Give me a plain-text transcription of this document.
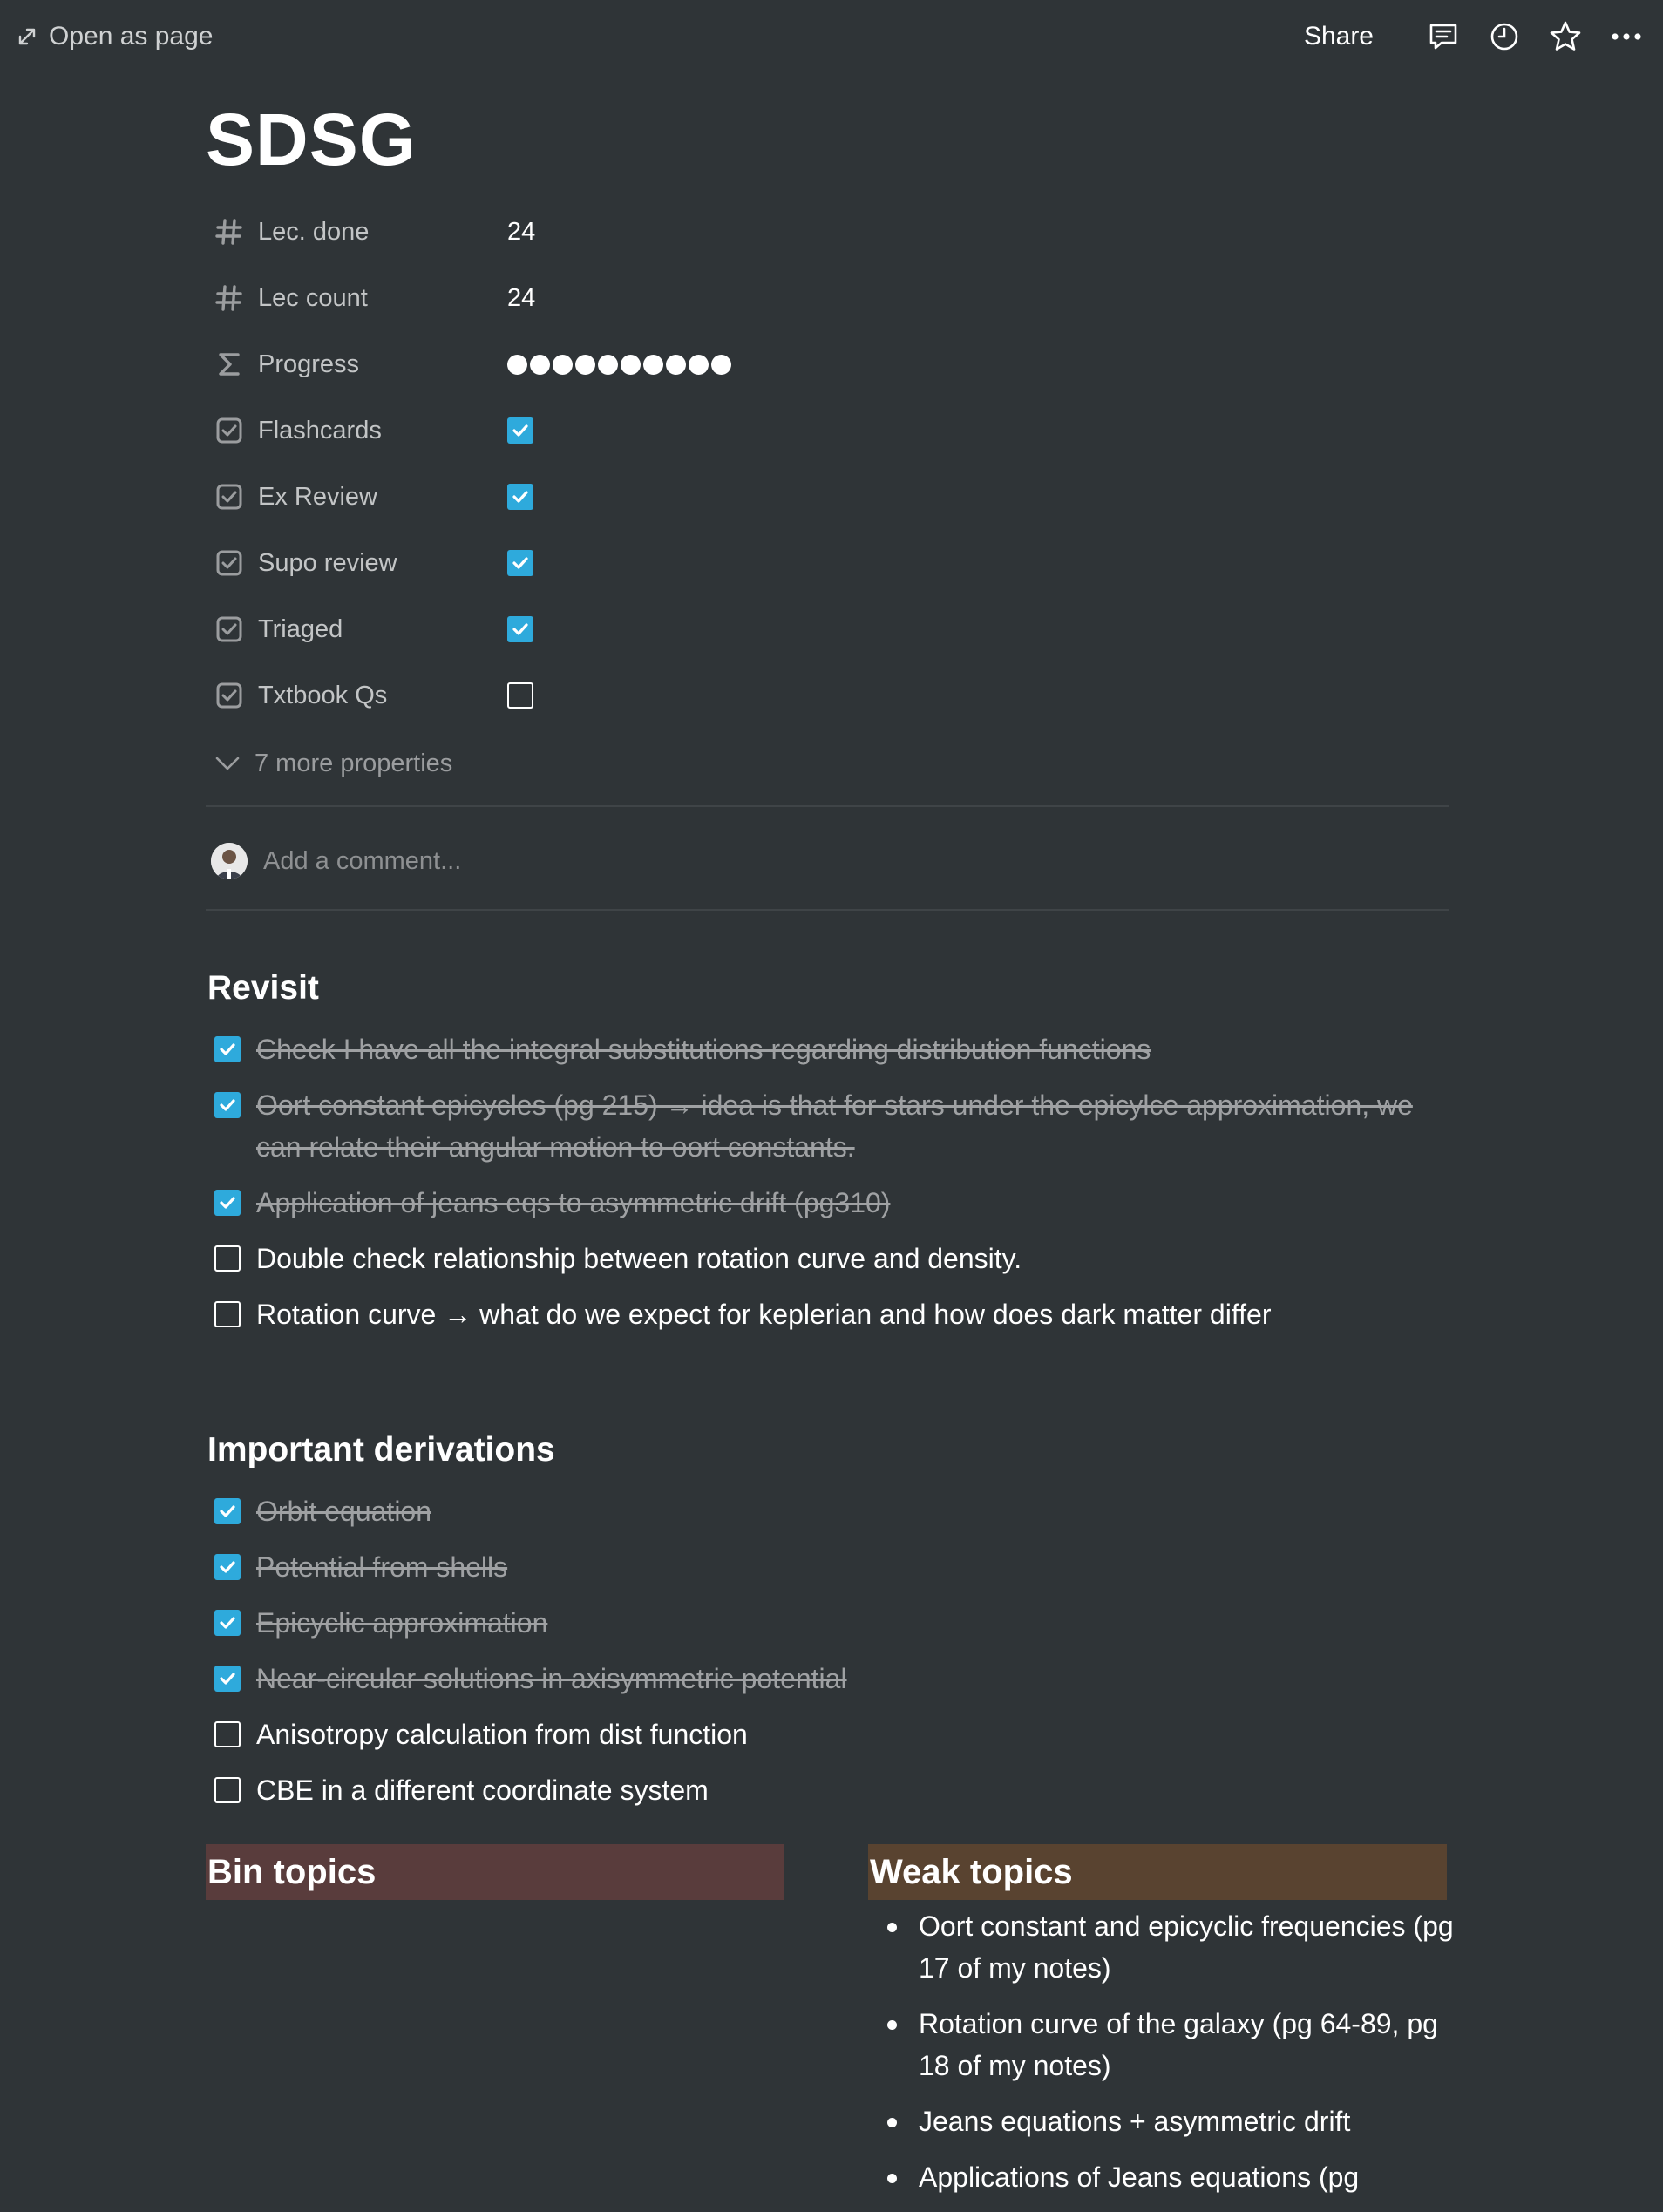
Open as page	Share
SDSG
Lec. done	24
Lec count	24
Progress
Flashcards
Ex Review
Supo review
Triaged
Txtbook Qs
7 more properties
Add a comment...
Revisit
Check I have all the integral substitutions regarding distribution functions
Oort constant epicycles (pg 215) → idea is that for stars under the epicylce approximation, we can relate their angular motion to oort constants.
Application of jeans eqs to asymmetric drift (pg310)
Double check relationship between rotation curve and density.
Rotation curve → what do we expect for keplerian and how does dark matter differ
Important derivations
Orbit equation
Potential from shells
Epicyclic approximation
Near-circular solutions in axisymmetric potential
Anisotropy calculation from dist function
CBE in a different coordinate system
Bin topics	Weak topics
Oort constant and epicyclic frequencies (pg 17 of my notes)
Rotation curve of the galaxy (pg 64-89, pg 18 of my notes)
Jeans equations + asymmetric drift
Applications of Jeans equations (pg
